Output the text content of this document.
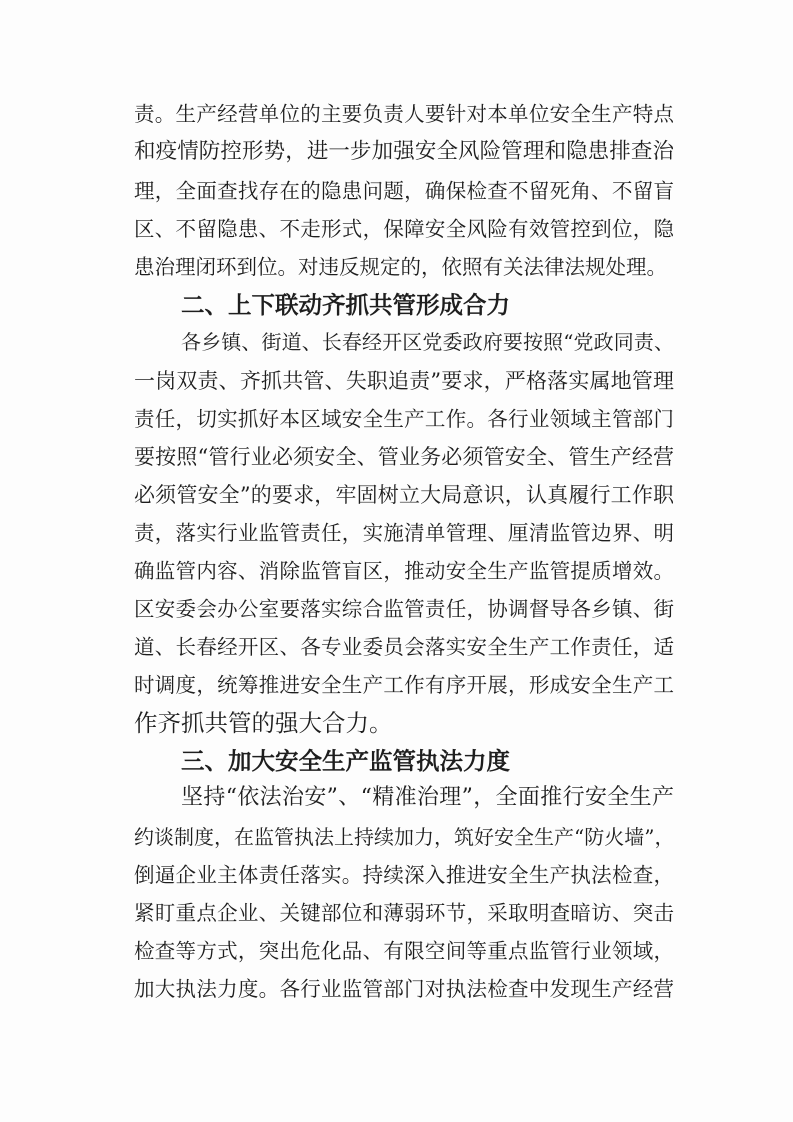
责。生产经营单位的主要负责人要针对本单位安全生产特点
和疫情防控形势，进一步加强安全风险管理和隐患排查治
理，全面查找存在的隐患问题，确保检查不留死角、不留盲
区、不留隐患、不走形式，保障安全风险有效管控到位，隐
患治理闭环到位。对违反规定的，依照有关法律法规处理。
二、上下联动齐抓共管形成合力
各乡镇、街道、长春经开区党委政府要按照“党政同责、
一岗双责、齐抓共管、失职追责”要求，严格落实属地管理
责任，切实抓好本区域安全生产工作。各行业领域主管部门
要按照“管行业必须安全、管业务必须管安全、管生产经营
必须管安全”的要求，牢固树立大局意识，认真履行工作职
责，落实行业监管责任，实施清单管理、厘清监管边界、明
确监管内容、消除监管盲区，推动安全生产监管提质增效。
区安委会办公室要落实综合监管责任，协调督导各乡镇、街
道、长春经开区、各专业委员会落实安全生产工作责任，适
时调度，统筹推进安全生产工作有序开展，形成安全生产工
作齐抓共管的强大合力。
三、加大安全生产监管执法力度
坚持“依法治安”、“精准治理”，全面推行安全生产
约谈制度，在监管执法上持续加力，筑好安全生产“防火墙”，
倒逼企业主体责任落实。持续深入推进安全生产执法检查，
紧盯重点企业、关键部位和薄弱环节，采取明查暗访、突击
检查等方式，突出危化品、有限空间等重点监管行业领域，
加大执法力度。各行业监管部门对执法检查中发现生产经营
